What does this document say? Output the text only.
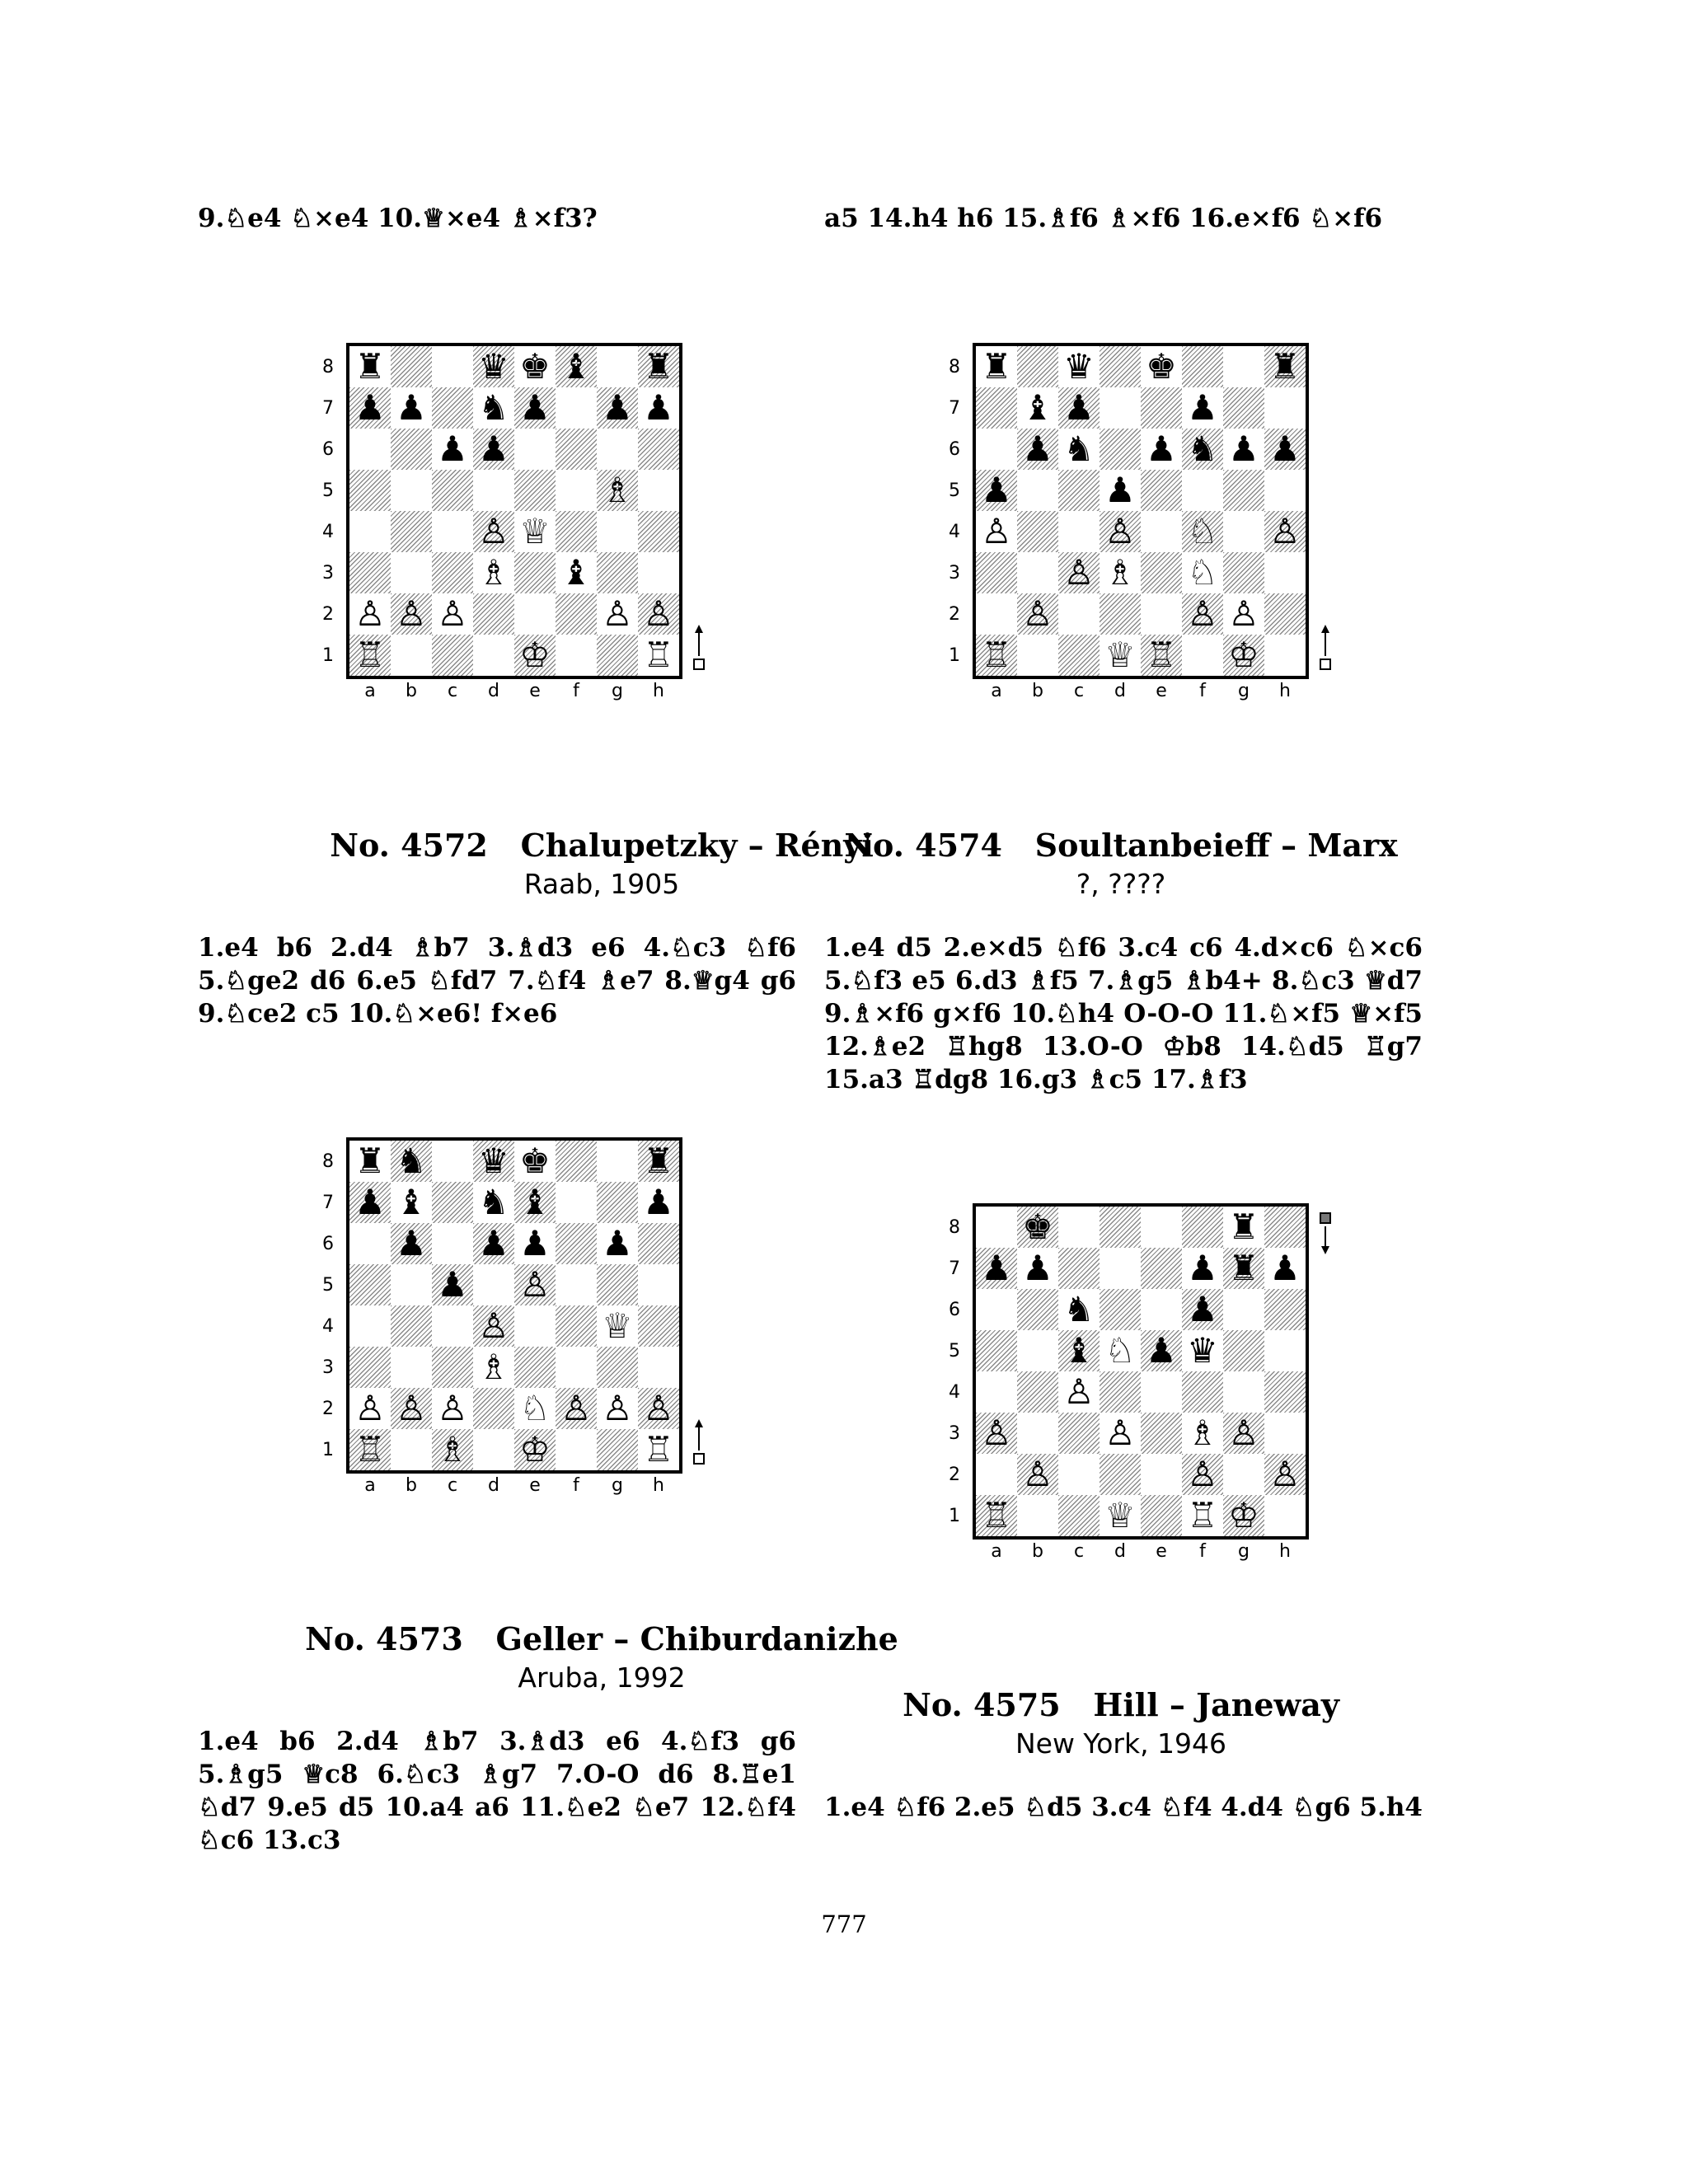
9.♘e4 ♘×e4 10.♕×e4 ♗×f3?	a5 14.h4 h6 15.♗f6 ♗×f6 16.e×f6 ♘×f6
♜	♛ ♚ ♝ ♜
♟ ♟ ♞ ♟ ♟ ♟
♟ ♟
♗
♙ ♕
♗ ♝
♙ ♙ ♙	♙ ♙
♖	♔	♖
8
7
6
5
4
3
2
1
a	b	c	d	e	f	g	h
♜ ♛ ♚	♜
♝ ♟	♟
♟ ♞ ♟ ♞ ♟ ♟
♟	♟
♙	♙ ♘ ♙
♙ ♗ ♘
♙	♙ ♙
♖	♕ ♖ ♔
8
7
6
5
4
3
2
1
a	b	c	d	e	f	g	h
No. 4572 Chalupetzky – Rényi
Raab, 1905
1.e4 b6 2.d4 ♗b7 3.♗d3 e6 4.♘c3 ♘f6 5.♘ge2 d6 6.e5 ♘fd7 7.♘f4 ♗e7 8.♕g4 g6 9.♘ce2 c5 10.♘×e6! f×e6
No. 4574 Soultanbeieff – Marx
?, ????
1.e4 d5 2.e×d5 ♘f6 3.c4 c6 4.d×c6 ♘×c6 5.♘f3 e5 6.d3 ♗f5 7.♗g5 ♗b4+ 8.♘c3 ♕d7 9.♗×f6 g×f6 10.♘h4 O-O-O 11.♘×f5 ♕×f5 12.♗e2 ♖hg8 13.O-O ♔b8 14.♘d5 ♖g7 15.a3 ♖dg8 16.g3 ♗c5 17.♗f3
♜ ♞ ♛ ♚	♜
♟ ♝ ♞ ♝	♟
♟ ♟ ♟ ♟
♟ ♙
♙	♕
♗
♙ ♙ ♙ ♘ ♙ ♙ ♙
♖ ♗ ♔	♖
8
7
6
5
4
3
2
1
a	b	c	d	e	f	g	h
♚	♜
♟ ♟	♟ ♜ ♟
♞	♟
♝ ♘ ♟ ♛
♙
♙	♙ ♗ ♙
♙	♙ ♙
♖	♕ ♖ ♔
8
7
6
5
4
3
2
1
a	b	c	d	e	f	g	h
No. 4573 Geller – Chiburdanizhe
Aruba, 1992
1.e4 b6 2.d4 ♗b7 3.♗d3 e6 4.♘f3 g6 5.♗g5 ♕c8 6.♘c3 ♗g7 7.O-O d6 8.♖e1 ♘d7 9.e5 d5 10.a4 a6 11.♘e2 ♘e7 12.♘f4 ♘c6 13.c3
No. 4575 Hill – Janeway
New York, 1946
1.e4 ♘f6 2.e5 ♘d5 3.c4 ♘f4 4.d4 ♘g6 5.h4
777
